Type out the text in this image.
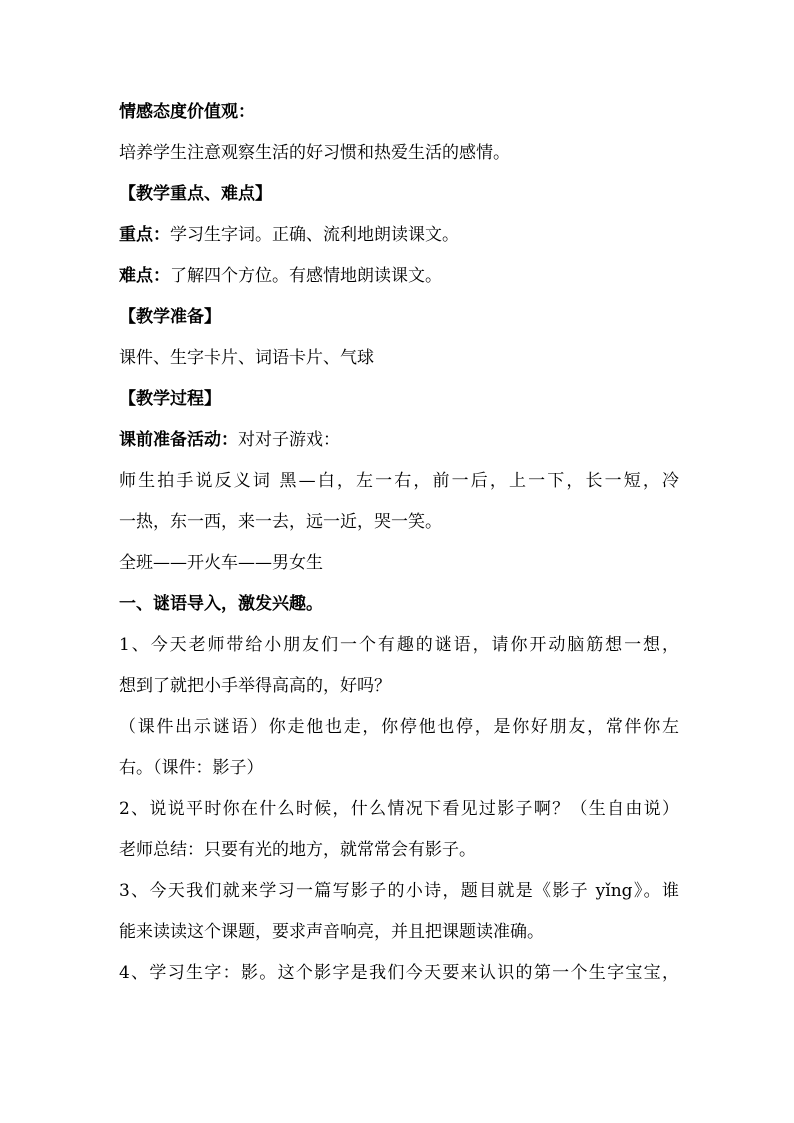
情感态度价值观：
培养学生注意观察生活的好习惯和热爱生活的感情。
【教学重点、难点】
重点：学习生字词。正确、流利地朗读课文。
难点：了解四个方位。有感情地朗读课文。
【教学准备】
课件、生字卡片、词语卡片、气球
【教学过程】
课前准备活动：对对子游戏：
师生拍手说反义词 黑—白，左一右，前一后，上一下，长一短，冷
一热，东一西，来一去，远一近，哭一笑。
全班——开火车——男女生
一、谜语导入，激发兴趣。
1、今天老师带给小朋友们一个有趣的谜语，请你开动脑筋想一想，
想到了就把小手举得高高的，好吗？
（课件出示谜语）你走他也走，你停他也停，是你好朋友，常伴你左
右。（课件：影子）
2、说说平时你在什么时候，什么情况下看见过影子啊？（生自由说）
老师总结：只要有光的地方，就常常会有影子。
3、今天我们就来学习一篇写影子的小诗，题目就是《影子 yǐng》。谁
能来读读这个课题，要求声音响亮，并且把课题读准确。
4、学习生字：影。这个影字是我们今天要来认识的第一个生字宝宝，
